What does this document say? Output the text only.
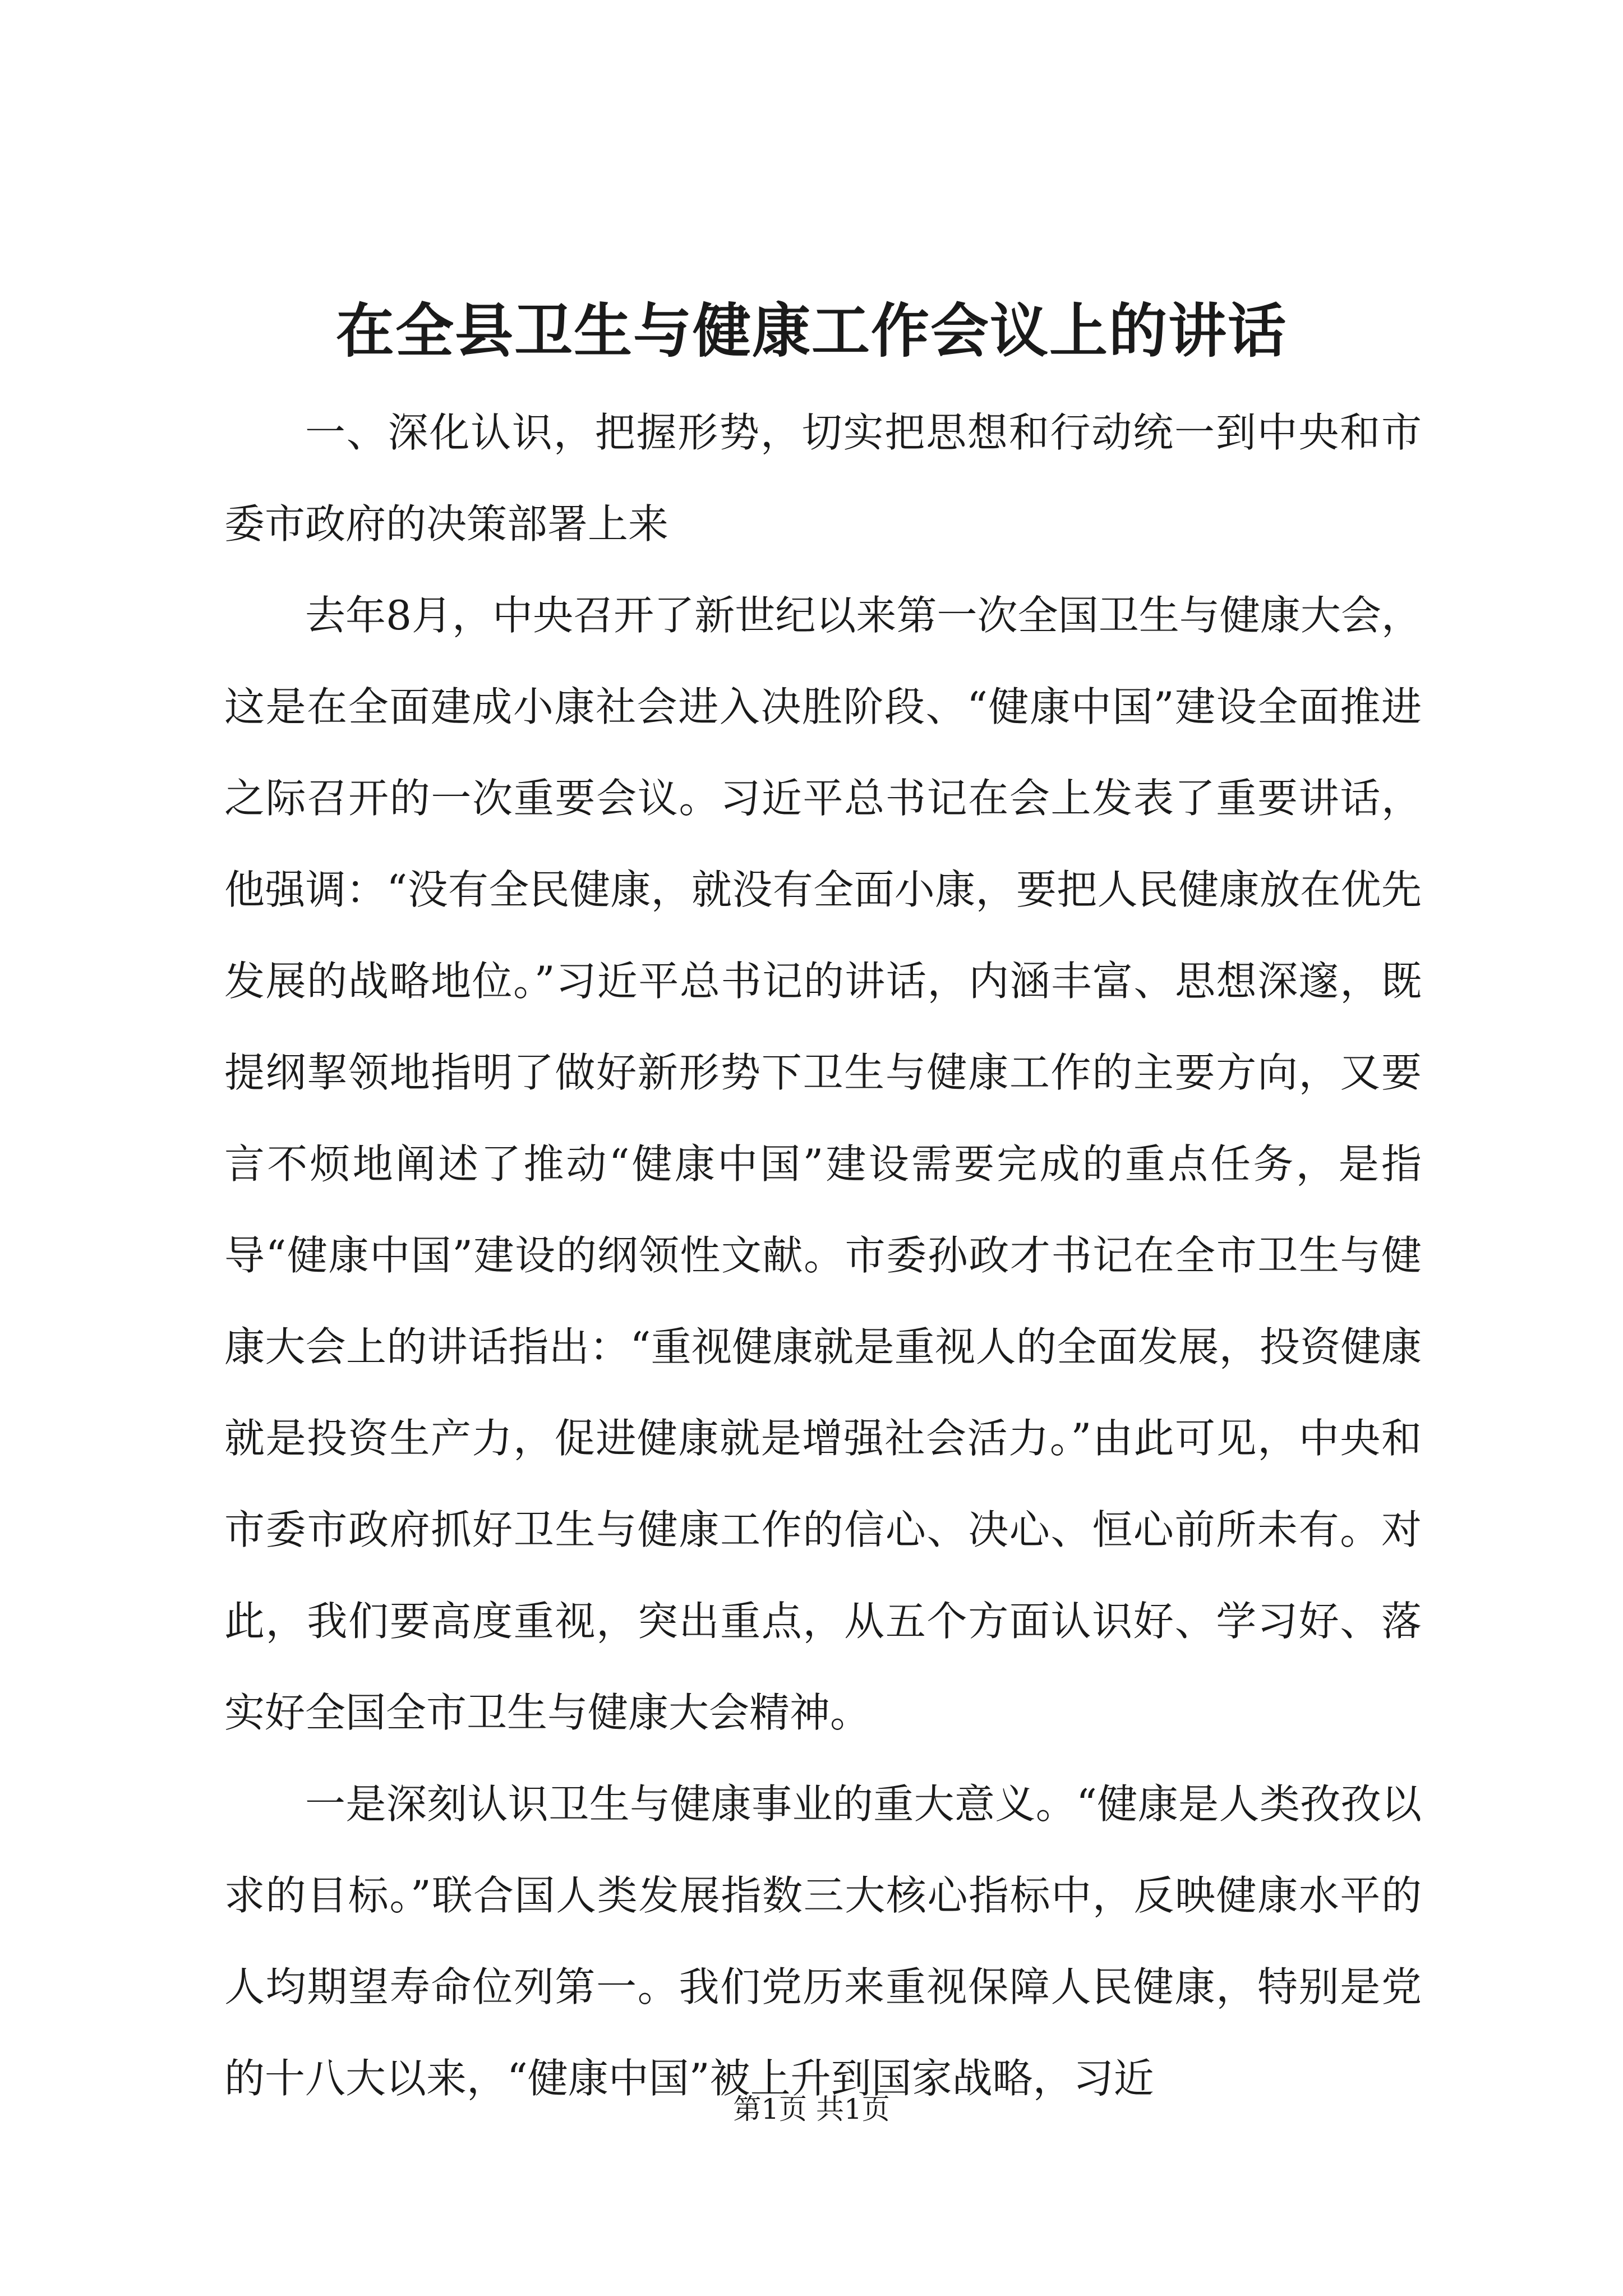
在全县卫生与健康工作会议上的讲话

一、深化认识，把握形势，切实把思想和行动统一到中央和市委市政府的决策部署上来

去年8月，中央召开了新世纪以来第一次全国卫生与健康大会，这是在全面建成小康社会进入决胜阶段、“健康中国”建设全面推进之际召开的一次重要会议。习近平总书记在会上发表了重要讲话，他强调：“没有全民健康，就没有全面小康，要把人民健康放在优先发展的战略地位。”习近平总书记的讲话，内涵丰富、思想深邃，既提纲挈领地指明了做好新形势下卫生与健康工作的主要方向，又要言不烦地阐述了推动“健康中国”建设需要完成的重点任务，是指导“健康中国”建设的纲领性文献。市委孙政才书记在全市卫生与健康大会上的讲话指出：“重视健康就是重视人的全面发展，投资健康就是投资生产力，促进健康就是增强社会活力。”由此可见，中央和市委市政府抓好卫生与健康工作的信心、决心、恒心前所未有。对此，我们要高度重视，突出重点，从五个方面认识好、学习好、落实好全国全市卫生与健康大会精神。

一是深刻认识卫生与健康事业的重大意义。“健康是人类孜孜以求的目标。”联合国人类发展指数三大核心指标中，反映健康水平的人均期望寿命位列第一。我们党历来重视保障人民健康，特别是党的十八大以来，“健康中国”被上升到国家战略，习近

第1页 共1页
